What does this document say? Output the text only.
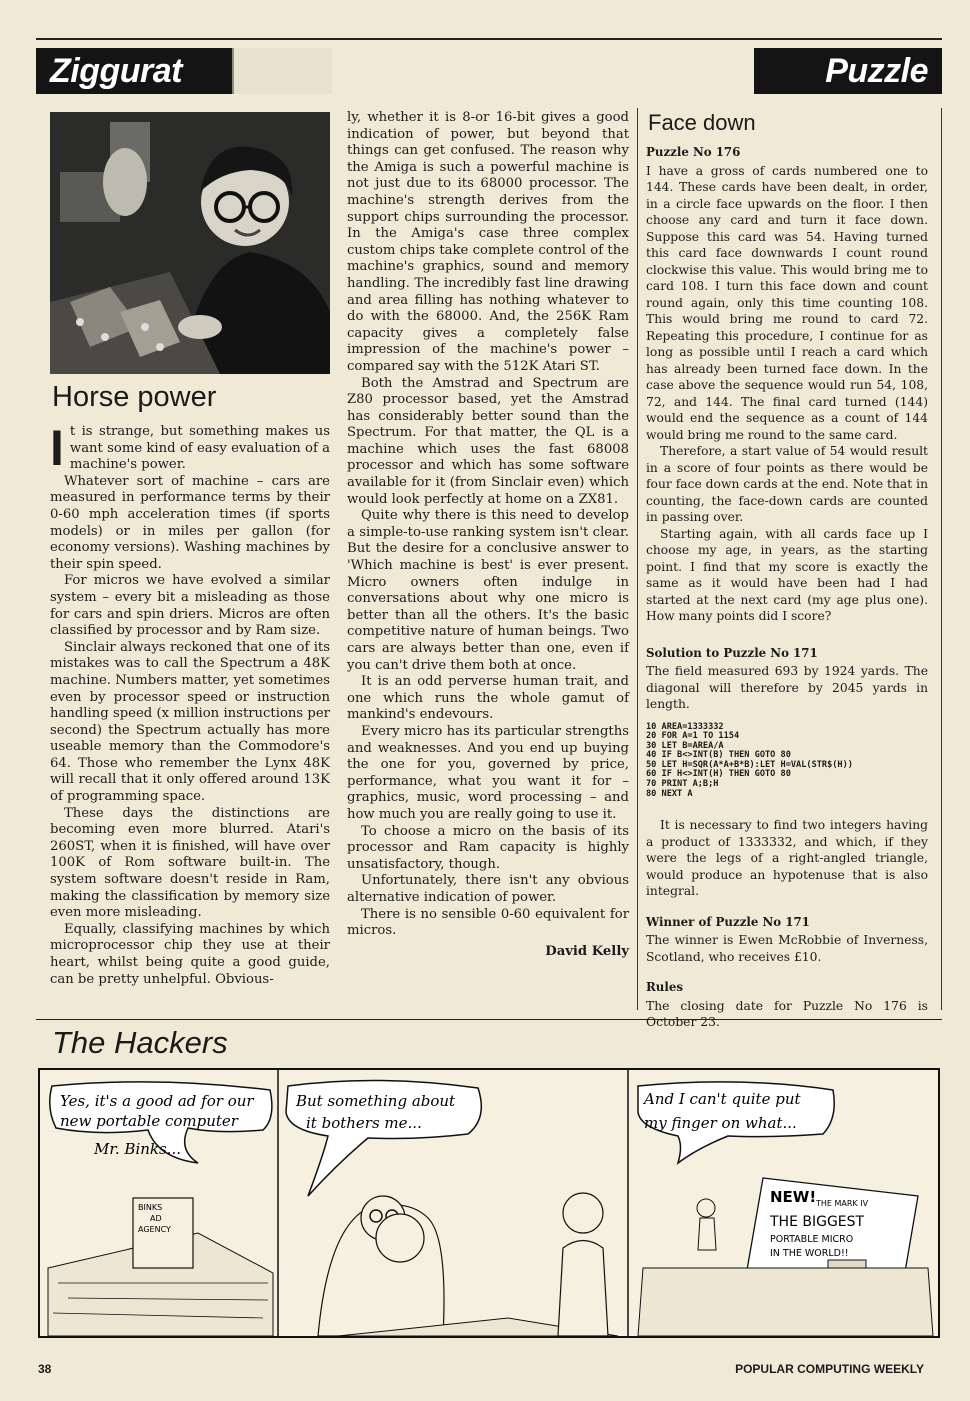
Ziggurat	Puzzle
Horse power

It is strange, but something makes us want some kind of easy evaluation of a machine's power.

Whatever sort of machine – cars are measured in performance terms by their 0-60 mph acceleration times (if sports models) or in miles per gallon (for economy versions). Washing machines by their spin speed.

For micros we have evolved a similar system – every bit a misleading as those for cars and spin driers. Micros are often classified by processor and by Ram size.

Sinclair always reckoned that one of its mistakes was to call the Spectrum a 48K machine. Numbers matter, yet sometimes even by processor speed or instruction handling speed (x million instructions per second) the Spectrum actually has more useable memory than the Commodore's 64. Those who remember the Lynx 48K will recall that it only offered around 13K of programming space.

These days the distinctions are becoming even more blurred. Atari's 260ST, when it is finished, will have over 100K of Rom software built-in. The system software doesn't reside in Ram, making the classification by memory size even more misleading.

Equally, classifying machines by which microprocessor chip they use at their heart, whilst being quite a good guide, can be pretty unhelpful. Obvious-

ly, whether it is 8-or 16-bit gives a good indication of power, but beyond that things can get confused. The reason why the Amiga is such a powerful machine is not just due to its 68000 processor. The machine's strength derives from the support chips surrounding the processor. In the Amiga's case three complex custom chips take complete control of the machine's graphics, sound and memory handling. The incredibly fast line drawing and area filling has nothing whatever to do with the 68000. And, the 256K Ram capacity gives a completely false impression of the machine's power – compared say with the 512K Atari ST.

Both the Amstrad and Spectrum are Z80 processor based, yet the Amstrad has considerably better sound than the Spectrum. For that matter, the QL is a machine which uses the fast 68008 processor and which has some software available for it (from Sinclair even) which would look perfectly at home on a ZX81.

Quite why there is this need to develop a simple-to-use ranking system isn't clear. But the desire for a conclusive answer to 'Which machine is best' is ever present. Micro owners often indulge in conversations about why one micro is better than all the others. It's the basic competitive nature of human beings. Two cars are always better than one, even if you can't drive them both at once.

It is an odd perverse human trait, and one which runs the whole gamut of mankind's endevours.

Every micro has its particular strengths and weaknesses. And you end up buying the one for you, governed by price, performance, what you want it for – graphics, music, word processing – and how much you are really going to use it.

To choose a micro on the basis of its processor and Ram capacity is highly unsatisfactory, though.

Unfortunately, there isn't any obvious alternative indication of power.

There is no sensible 0-60 equivalent for micros.

David Kelly
Face down

Puzzle No 176

I have a gross of cards numbered one to 144. These cards have been dealt, in order, in a circle face upwards on the floor. I then choose any card and turn it face down. Suppose this card was 54. Having turned this card face downwards I count round clockwise this value. This would bring me to card 108. I turn this face down and count round again, only this time counting 108. This would bring me round to card 72. Repeating this procedure, I continue for as long as possible until I reach a card which has already been turned face down. In the case above the sequence would run 54, 108, 72, and 144. The final card turned (144) would end the sequence as a count of 144 would bring me round to the same card.

Therefore, a start value of 54 would result in a score of four points as there would be four face down cards at the end. Note that in counting, the face-down cards are counted in passing over.

Starting again, with all cards face up I choose my age, in years, as the starting point. I find that my score is exactly the same as it would have been had I had started at the next card (my age plus one). How many points did I score?

Solution to Puzzle No 171

The field measured 693 by 1924 yards. The diagonal will therefore by 2045 yards in length.

10 AREA=1333332
20 FOR A=1 TO 1154
30 LET B=AREA/A
40 IF B<>INT(B) THEN GOTO 80
50 LET H=SQR(A*A+B*B):LET H=VAL(STR$(H))
60 IF H<>INT(H) THEN GOTO 80
70 PRINT A;B;H
80 NEXT A

It is necessary to find two integers having a product of 1333332, and which, if they were the legs of a right-angled triangle, would produce an hypotenuse that is also integral.

Winner of Puzzle No 171

The winner is Ewen McRobbie of Inverness, Scotland, who receives £10.

Rules

The closing date for Puzzle No 176 is October 23.

The Hackers
Yes, it's a good ad for our
new portable computer
Mr. Binks...
BINKS
AD
AGENCY
But something about
it bothers me...
And I can't quite put
my finger on what...
NEW! THE MARK IV
THE BIGGEST
PORTABLE MICRO
IN THE WORLD!!
38	POPULAR COMPUTING WEEKLY
